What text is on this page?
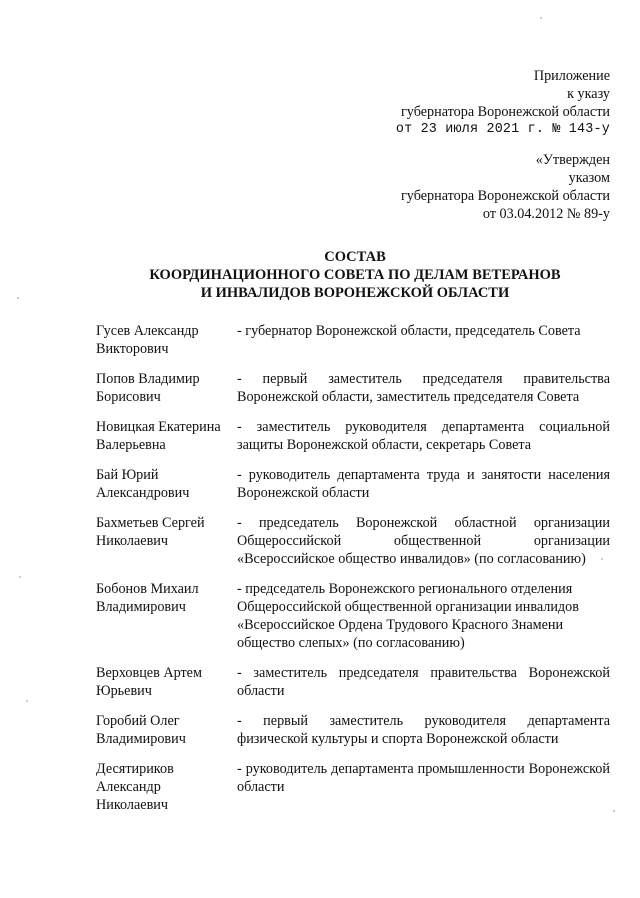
Приложение
к указу
губернатора Воронежской области
от 23 июля 2021 г. № 143-у
«Утвержден
указом
губернатора Воронежской области
от 03.04.2012 № 89-у
СОСТАВ
КООРДИНАЦИОННОГО СОВЕТА ПО ДЕЛАМ ВЕТЕРАНОВ
И ИНВАЛИДОВ ВОРОНЕЖСКОЙ ОБЛАСТИ
Гусев Александр
Викторович
- губернатор Воронежской области, председатель Совета
Попов Владимир
Борисович
- первый заместитель председателя правительства Воронежской области, заместитель председателя Совета
Новицкая Екатерина
Валерьевна
- заместитель руководителя департамента социальной защиты Воронежской области, секретарь Совета
Бай Юрий
Александрович
- руководитель департамента труда и занятости населения Воронежской области
Бахметьев Сергей
Николаевич
- председатель Воронежской областной организации Общероссийской общественной организации «Всероссийское общество инвалидов» (по согласованию)
Бобонов Михаил
Владимирович
- председатель Воронежского регионального отделения Общероссийской общественной организации инвалидов «Всероссийское Ордена Трудового Красного Знамени общество слепых» (по согласованию)
Верховцев Артем
Юрьевич
- заместитель председателя правительства Воронежской области
Горобий Олег
Владимирович
- первый заместитель руководителя департамента физической культуры и спорта Воронежской области
Десятириков
Александр
Николаевич
- руководитель департамента промышленности Воронежской области
